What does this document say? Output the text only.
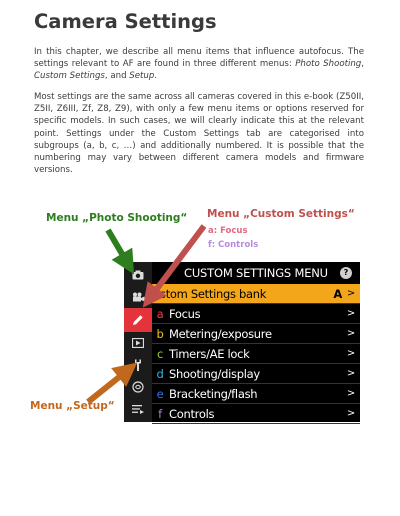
Camera Settings

In this chapter, we describe all menu items that influence autofocus. The settings relevant to AF are found in three different menus: Photo Shooting, Custom Settings, and Setup.

Most settings are the same across all cameras covered in this e-book (Z50II, Z5II, Z6III, Zf, Z8, Z9), with only a few menu items or options reserved for specific models. In such cases, we will clearly indicate this at the relevant point. Settings under the Custom Settings tab are categorised into subgroups (a, b, c, …) and additionally numbered. It is possible that the numbering may vary between different camera models and firmware versions.

Menu „Photo Shooting“ Menu „Custom Settings“
a: Focus
f: Controls
Menu „Setup“
CUSTOM SETTINGS MENU	?
stom Settings bank	A >
a Focus	>
b Metering/exposure	>
c Timers/AE lock	>
d Shooting/display	>
e Bracketing/flash	>
f Controls	>
